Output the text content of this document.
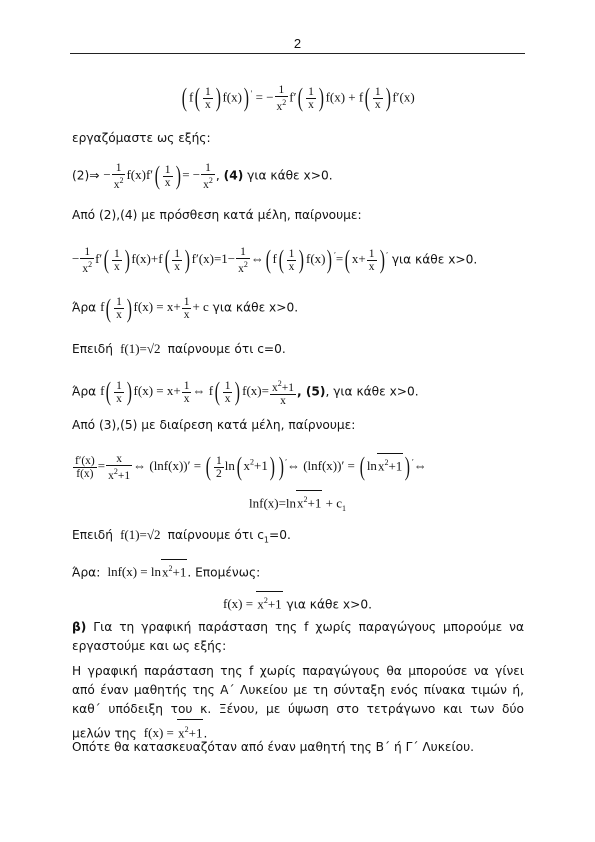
2
( $f( \frac{1}{x}$ ) f(x)) ′ = − $\frac{1}{x^2} f'( \frac{1}{x}$ ) $f(x) + f( \frac{1}{x}$ ) f′(x)
εργαζόμαστε ως εξής:
(2)⇒ − $\frac{1}{x^2} f(x)f'( \frac{1}{x}$ ) = − $\frac{1}{x^2}$ , (4) για κάθε x>0.
Από (2),(4) με πρόσθεση κατά μέλη, παίρνουμε:
− $\frac{1}{x^2} f'( \frac{1}{x}$ ) $f(x)+f( \frac{1}{x}$ ) $f'(x)=1- \frac{1}{x^2}$ ⇔( $f( \frac{1}{x}$ ) f(x)) ′=( $x+ \frac{1}{x}$ ) ′ για κάθε x>0.
Άρα $f( \frac{1}{x}$ ) $f(x) = x+ \frac{1}{x} + c$ για κάθε x>0.
Επειδή  f(1)=√2  παίρνουμε ότι c=0.
Άρα $f( \frac{1}{x}$ ) $f(x) = x+ \frac{1}{x}$ ⇔ $f( \frac{1}{x}$ ) $f(x)= \frac{x^2+1}{x}$ , (5), για κάθε x>0.
Από (3),(5) με διαίρεση κατά μέλη, παίρνουμε:
$\frac{f'(x)}{f(x)} = \frac{x}{x^2+1}$ ⇔ (lnf(x))′ = ( $\frac{1}{2} \ln$( $x^2+1$) ) ′⇔ (lnf(x))′ = ( lnx$^2$+1 ) ′⇔
$\ln f(x)=\ln x^2+1 + c_1$
Επειδή  f(1)=√2  παίρνουμε ότι $c_1=0$.
Άρα:  lnf(x) = lnx$^2$+1. Επομένως:
$f(x) = x^2+1$ για κάθε x>0.
β) Για τη γραφική παράσταση της f χωρίς παραγώγους μπορούμε να εργαστούμε και ως εξής:
Η γραφική παράσταση της f χωρίς παραγώγους θα μπορούσε να γίνει από έναν μαθητής της Α΄ Λυκείου με τη σύνταξη ενός πίνακα τιμών ή, καθ΄ υπόδειξη του κ. Ξένου, με ύψωση στο τετράγωνο και των δύο μελών της  $f(x) = x^2+1$.
Οπότε θα κατασκευαζόταν από έναν μαθητή της Β΄ ή Γ΄ Λυκείου.
